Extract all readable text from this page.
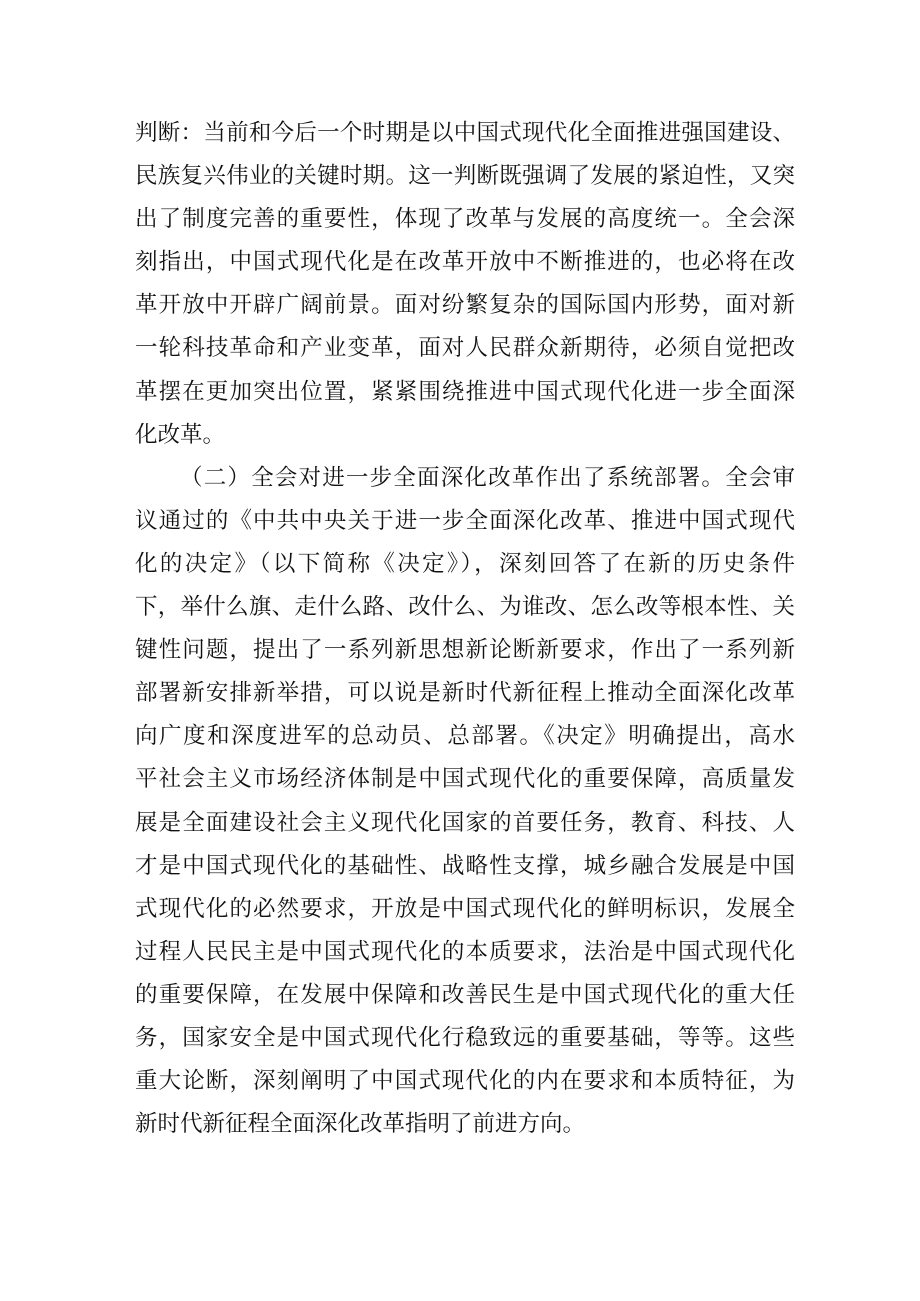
判断：当前和今后一个时期是以中国式现代化全面推进强国建设、
民族复兴伟业的关键时期。这一判断既强调了发展的紧迫性，又突
出了制度完善的重要性，体现了改革与发展的高度统一。全会深
刻指出，中国式现代化是在改革开放中不断推进的，也必将在改
革开放中开辟广阔前景。面对纷繁复杂的国际国内形势，面对新
一轮科技革命和产业变革，面对人民群众新期待，必须自觉把改
革摆在更加突出位置，紧紧围绕推进中国式现代化进一步全面深
化改革。
（二）全会对进一步全面深化改革作出了系统部署。全会审
议通过的《中共中央关于进一步全面深化改革、推进中国式现代
化的决定》（以下简称《决定》），深刻回答了在新的历史条件
下，举什么旗、走什么路、改什么、为谁改、怎么改等根本性、关
键性问题，提出了一系列新思想新论断新要求，作出了一系列新
部署新安排新举措，可以说是新时代新征程上推动全面深化改革
向广度和深度进军的总动员、总部署。《决定》明确提出，高水
平社会主义市场经济体制是中国式现代化的重要保障，高质量发
展是全面建设社会主义现代化国家的首要任务，教育、科技、人
才是中国式现代化的基础性、战略性支撑，城乡融合发展是中国
式现代化的必然要求，开放是中国式现代化的鲜明标识，发展全
过程人民民主是中国式现代化的本质要求，法治是中国式现代化
的重要保障，在发展中保障和改善民生是中国式现代化的重大任
务，国家安全是中国式现代化行稳致远的重要基础，等等。这些
重大论断，深刻阐明了中国式现代化的内在要求和本质特征，为
新时代新征程全面深化改革指明了前进方向。
